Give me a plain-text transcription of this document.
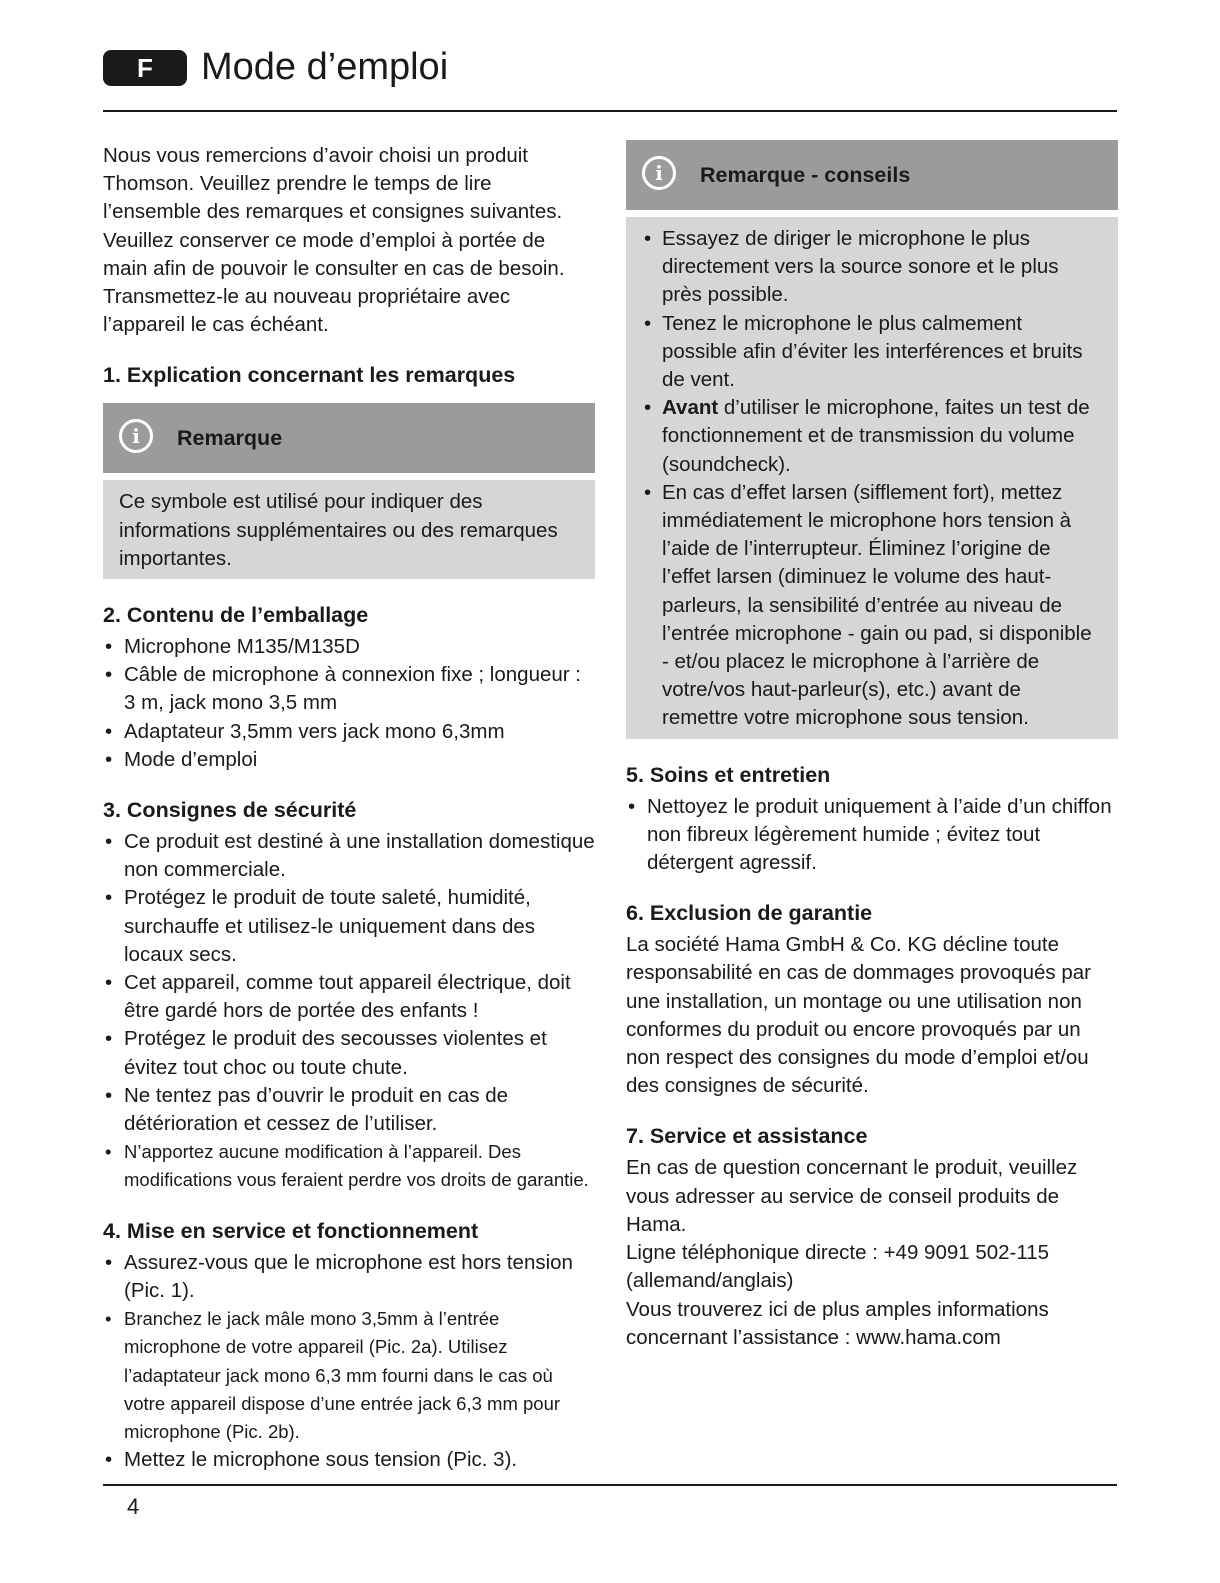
F	Mode d’emploi

Nous vous remercions d’avoir choisi un produit Thomson. Veuillez prendre le temps de lire l’ensemble des remarques et consignes suivantes. Veuillez conserver ce mode d’emploi à portée de main afin de pouvoir le consulter en cas de besoin. Transmettez-le au nouveau propriétaire avec l’appareil le cas échéant.

1. Explication concernant les remarques
i	Remarque

Ce symbole est utilisé pour indiquer des informations supplémentaires ou des remarques importantes.

2. Contenu de l’emballage
• Microphone M135/M135D
• Câble de microphone à connexion fixe ; longueur : 3 m, jack mono 3,5 mm
• Adaptateur 3,5mm vers jack mono 6,3mm
• Mode d’emploi
3. Consignes de sécurité
• Ce produit est destiné à une installation domestique non commerciale.
• Protégez le produit de toute saleté, humidité, surchauffe et utilisez-le uniquement dans des locaux secs.
• Cet appareil, comme tout appareil électrique, doit être gardé hors de portée des enfants !
• Protégez le produit des secousses violentes et évitez tout choc ou toute chute.
• Ne tentez pas d’ouvrir le produit en cas de détérioration et cessez de l’utiliser.
• N’apportez aucune modification à l’appareil. Des modifications vous feraient perdre vos droits de garantie.
4. Mise en service et fonctionnement
• Assurez-vous que le microphone est hors tension (Pic. 1).
• Branchez le jack mâle mono 3,5mm à l’entrée microphone de votre appareil (Pic. 2a). Utilisez l’adaptateur jack mono 6,3 mm fourni dans le cas où votre appareil dispose d’une entrée jack 6,3 mm pour microphone (Pic. 2b).
• Mettez le microphone sous tension (Pic. 3).
i	Remarque - conseils
• Essayez de diriger le microphone le plus directement vers la source sonore et le plus près possible.
• Tenez le microphone le plus calmement possible afin d’éviter les interférences et bruits de vent.
• Avant d’utiliser le microphone, faites un test de fonctionnement et de transmission du volume (soundcheck).
• En cas d’effet larsen (sifflement fort), mettez immédiatement le microphone hors tension à l’aide de l’interrupteur. Éliminez l’origine de l’effet larsen (diminuez le volume des haut-parleurs, la sensibilité d’entrée au niveau de l’entrée microphone - gain ou pad, si disponible - et/ou placez le microphone à l’arrière de votre/vos haut-parleur(s), etc.) avant de remettre votre microphone sous tension.
5. Soins et entretien
• Nettoyez le produit uniquement à l’aide d’un chiffon non fibreux légèrement humide ; évitez tout détergent agressif.
6. Exclusion de garantie

La société Hama GmbH & Co. KG décline toute responsabilité en cas de dommages provoqués par une installation, un montage ou une utilisation non conformes du produit ou encore provoqués par un non respect des consignes du mode d’emploi et/ou des consignes de sécurité.

7. Service et assistance

En cas de question concernant le produit, veuillez vous adresser au service de conseil produits de Hama.

Ligne téléphonique directe : +49 9091 502-115 (allemand/anglais)

Vous trouverez ici de plus amples informations concernant l’assistance : www.hama.com

4
